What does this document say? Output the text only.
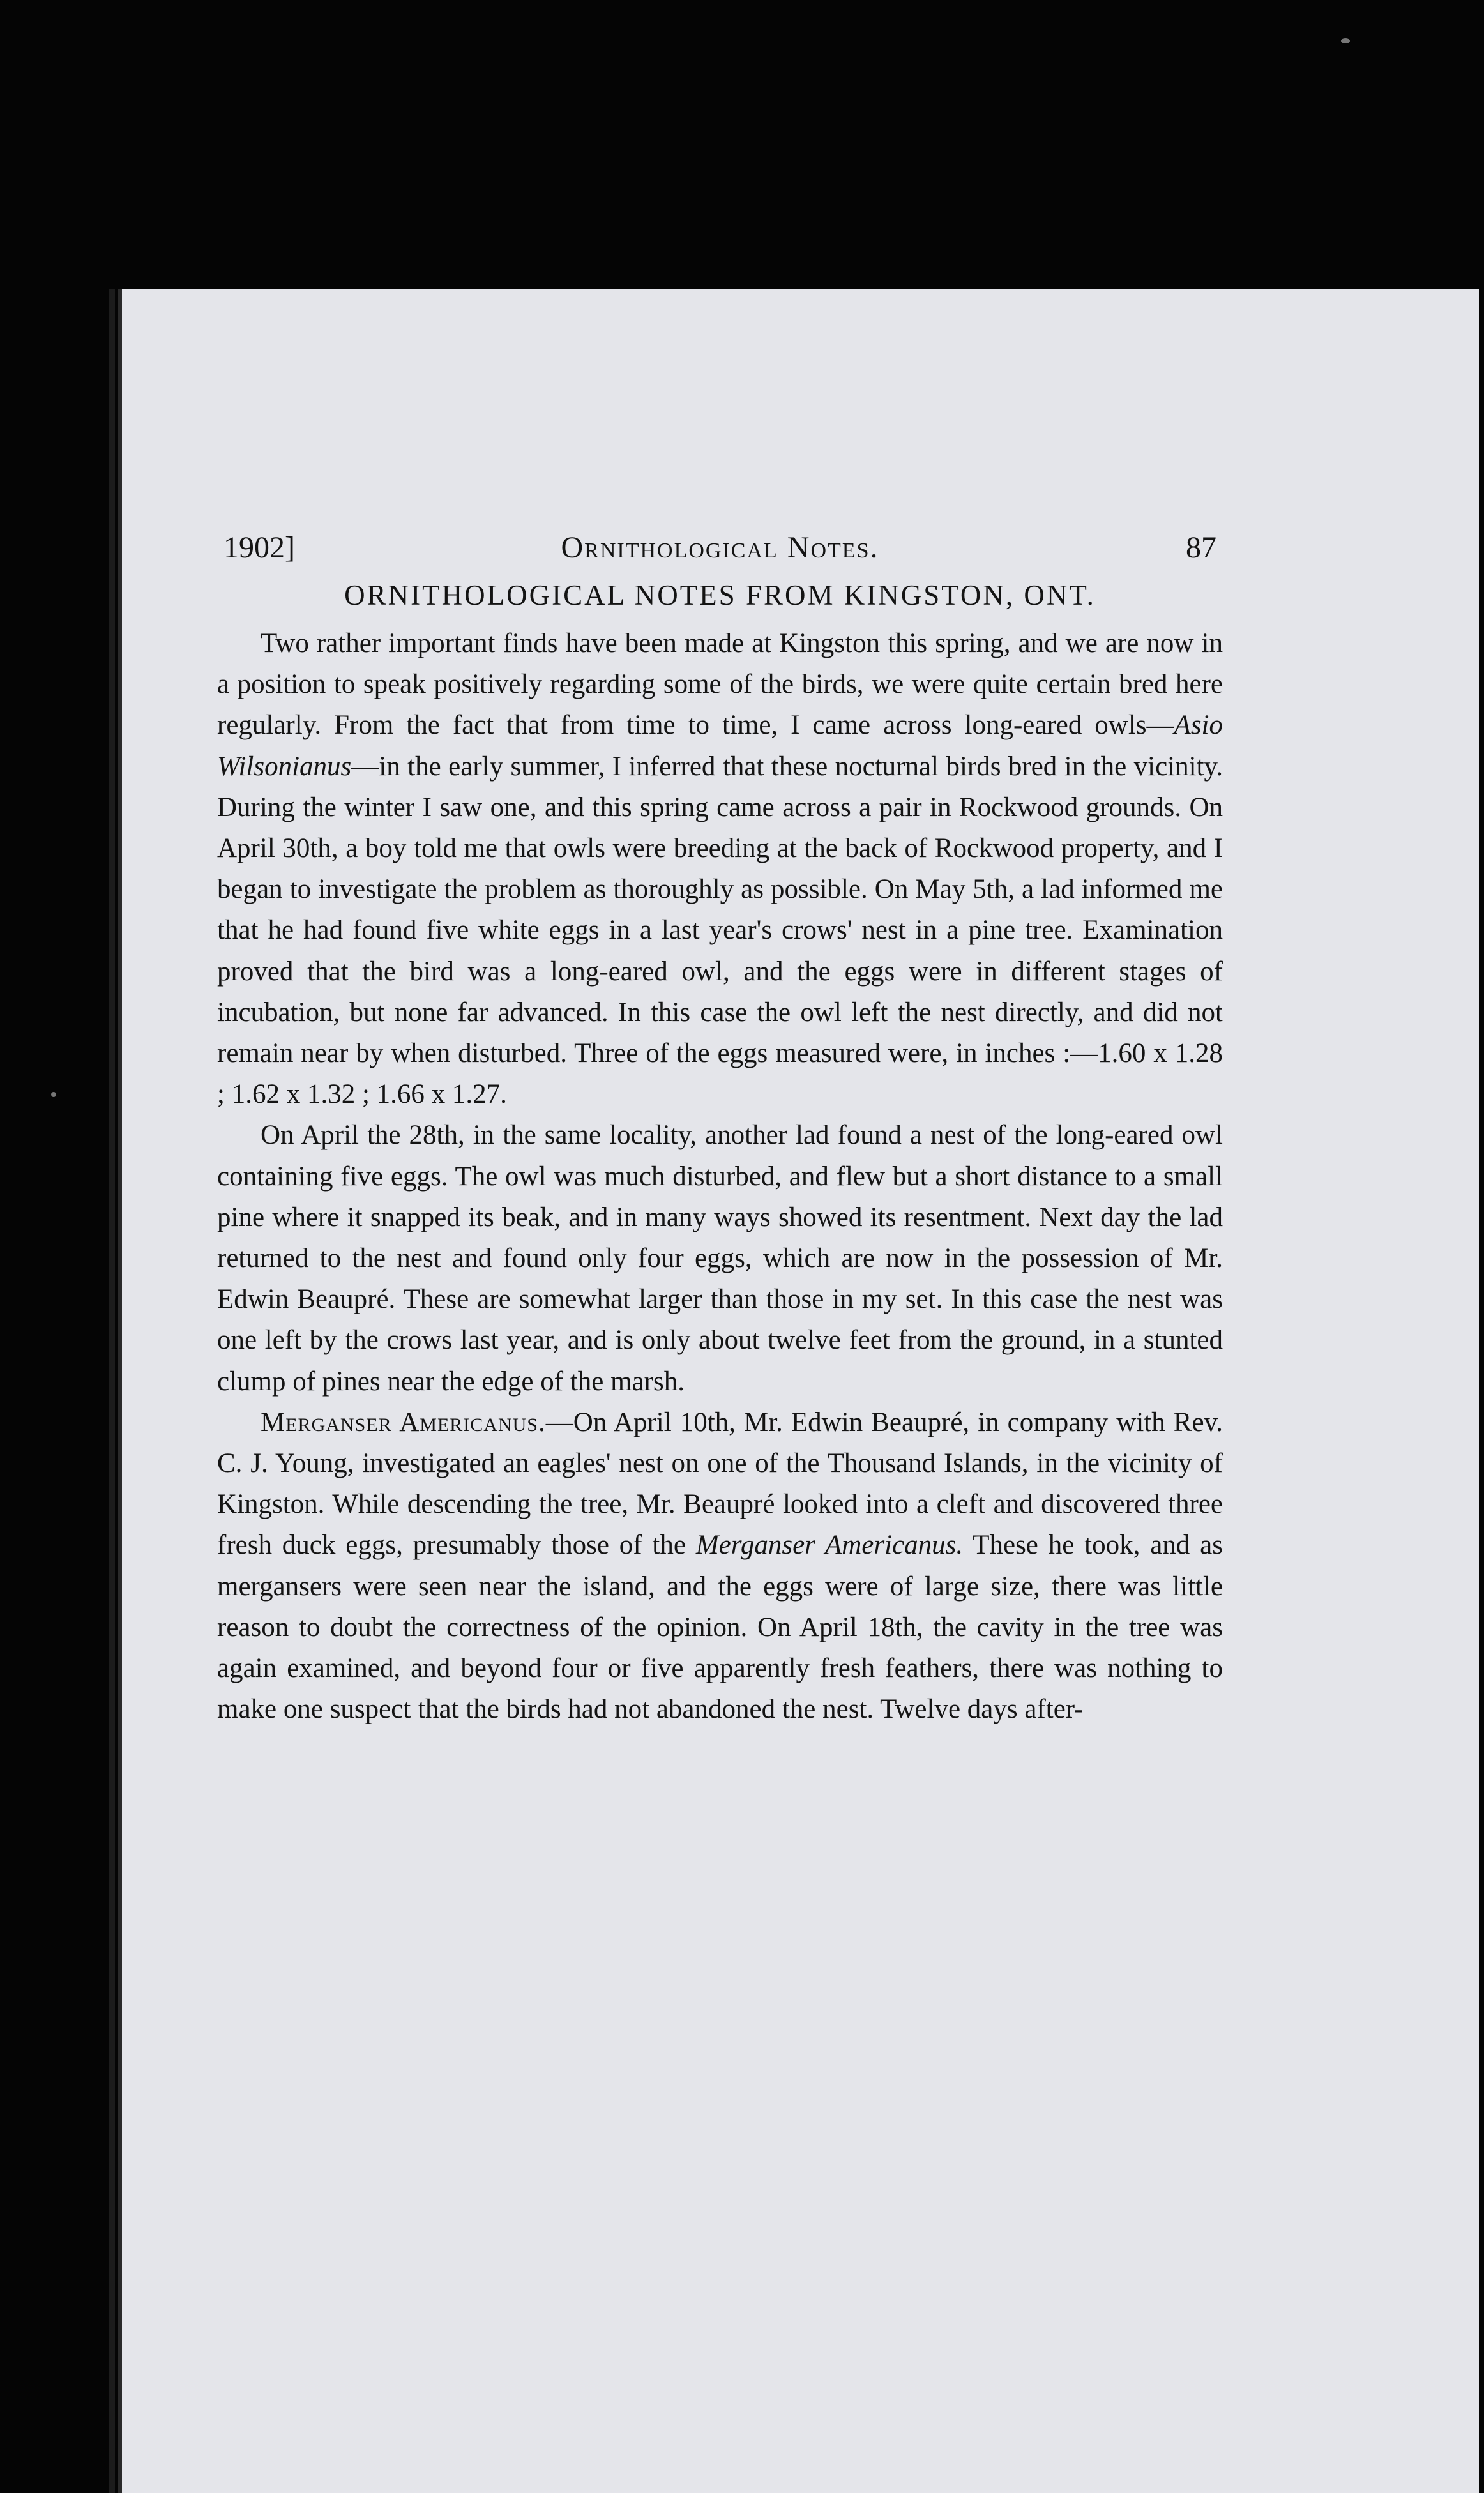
1902]	Ornithological Notes.	87
ORNITHOLOGICAL NOTES FROM KINGSTON, ONT.

Two rather important finds have been made at Kingston this spring, and we are now in a position to speak positively regarding some of the birds, we were quite certain bred here regularly. From the fact that from time to time, I came across long-eared owls—Asio Wilsonianus—in the early summer, I inferred that these nocturnal birds bred in the vicinity. During the winter I saw one, and this spring came across a pair in Rockwood grounds. On April 30th, a boy told me that owls were breeding at the back of Rockwood property, and I began to investigate the problem as thoroughly as possible. On May 5th, a lad informed me that he had found five white eggs in a last year's crows' nest in a pine tree. Examination proved that the bird was a long-eared owl, and the eggs were in different stages of incubation, but none far advanced. In this case the owl left the nest directly, and did not remain near by when disturbed. Three of the eggs measured were, in inches :—1.60 x 1.28 ; 1.62 x 1.32 ; 1.66 x 1.27.

On April the 28th, in the same locality, another lad found a nest of the long-eared owl containing five eggs. The owl was much disturbed, and flew but a short distance to a small pine where it snapped its beak, and in many ways showed its resentment. Next day the lad returned to the nest and found only four eggs, which are now in the possession of Mr. Edwin Beaupré. These are somewhat larger than those in my set. In this case the nest was one left by the crows last year, and is only about twelve feet from the ground, in a stunted clump of pines near the edge of the marsh.

Merganser Americanus.—On April 10th, Mr. Edwin Beaupré, in company with Rev. C. J. Young, investigated an eagles' nest on one of the Thousand Islands, in the vicinity of Kingston. While descending the tree, Mr. Beaupré looked into a cleft and discovered three fresh duck eggs, presumably those of the Merganser Americanus. These he took, and as mergansers were seen near the island, and the eggs were of large size, there was little reason to doubt the correctness of the opinion. On April 18th, the cavity in the tree was again examined, and beyond four or five apparently fresh feathers, there was nothing to make one suspect that the birds had not abandoned the nest. Twelve days after-
